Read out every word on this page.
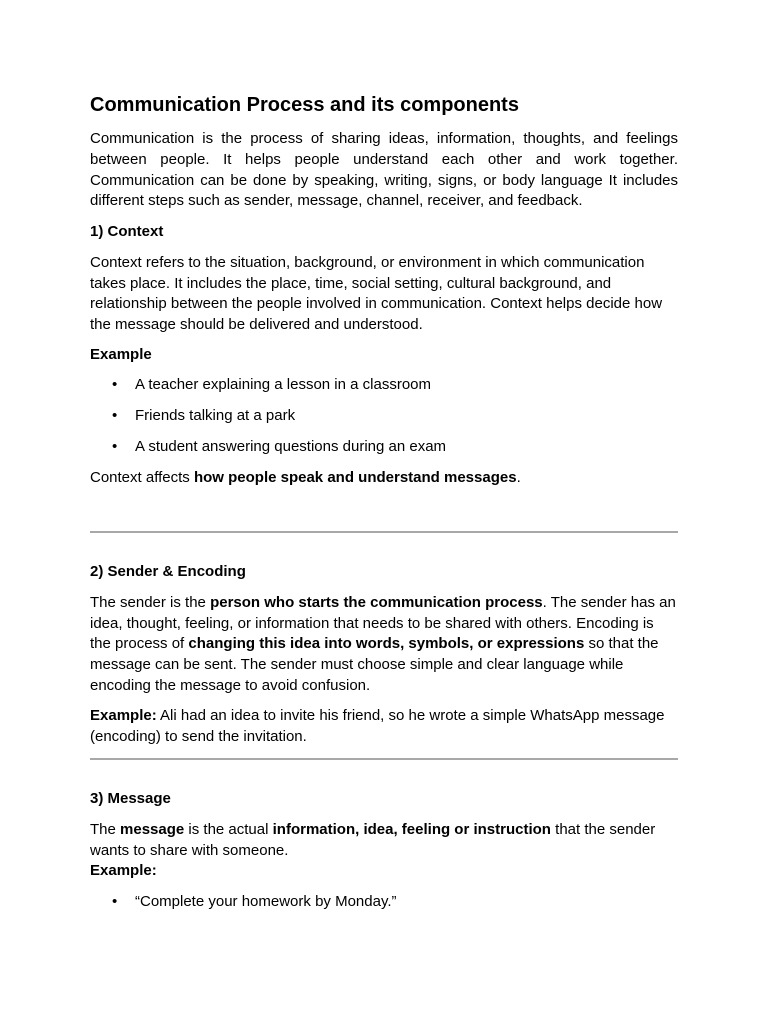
Communication Process and its components
Communication is the process of sharing ideas, information, thoughts, and feelings
between people. It helps people understand each other and work together.
Communication can be done by speaking, writing, signs, or body language It includes
different steps such as sender, message, channel, receiver, and feedback.
1) Context

Context refers to the situation, background, or environment in which communication takes place. It includes the place, time, social setting, cultural background, and relationship between the people involved in communication. Context helps decide how the message should be delivered and understood.

Example
•	A teacher explaining a lesson in a classroom
•	Friends talking at a park
•	A student answering questions during an exam
Context affects how people speak and understand messages.
2) Sender & Encoding

The sender is the person who starts the communication process. The sender has an idea, thought, feeling, or information that needs to be shared with others. Encoding is the process of changing this idea into words, symbols, or expressions so that the message can be sent. The sender must choose simple and clear language while encoding the message to avoid confusion.

Example: Ali had an idea to invite his friend, so he wrote a simple WhatsApp message (encoding) to send the invitation.

3) Message

The message is the actual information, idea, feeling or instruction that the sender wants to share with someone.

Example:
•	“Complete your homework by Monday.”
